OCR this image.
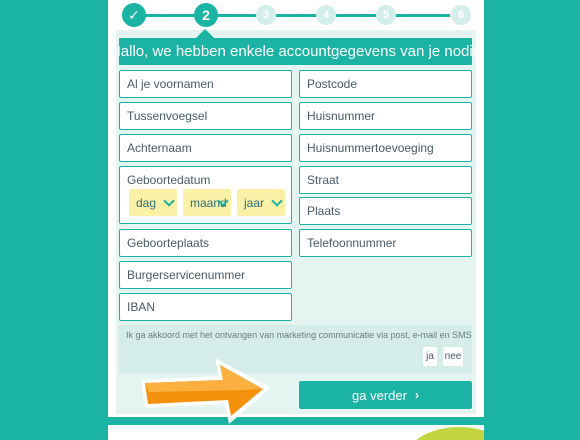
✓	2	3	4	5	6
Hallo, we hebben enkele accountgegevens van je nodig
Al je voornamen
Tussenvoegsel
Achternaam
Geboortedatum
dag	maand jaar
Geboorteplaats
Burgerservicenummer
IBAN
Postcode
Huisnummer
Huisnummertoevoeging
Straat
Plaats
Telefoonnummer
Ik ga akkoord met het ontvangen van marketing communicatie via post, e-mail en SMS
ja	nee
ga verder ›
